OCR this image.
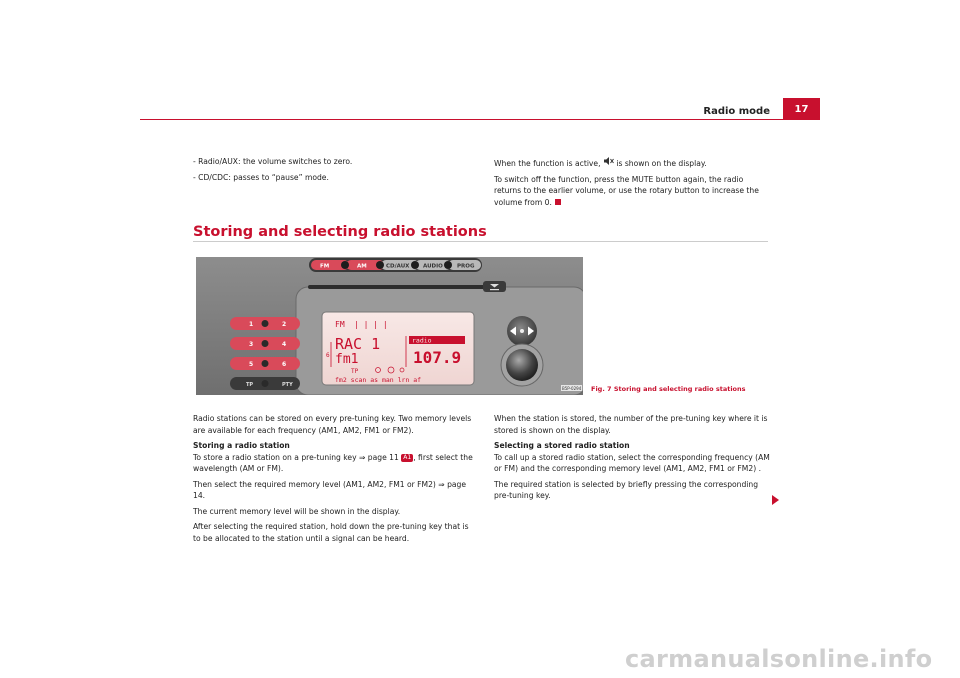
Radio mode	17
- Radio/AUX: the volume switches to zero.
- CD/CDC: passes to “pause” mode.
When the function is active,  is shown on the display.
To switch off the function, press the MUTE button again, the radio returns to the earlier volume, or use the rotary button to increase the volume from 0.
Storing and selecting radio stations
FM	AM	CD/AUX AUDIO	PROG
1	2
3	4
5	6
TP	PTY
FM | | | |
RAC 1
fm1	107.9
6
TP
fm2 scan as man lrn af
radio
B5P-0294 Fig. 7 Storing and selecting radio stations
Radio stations can be stored on every pre-tuning key. Two memory levels are available for each frequency (AM1, AM2, FM1 or FM2).
Storing a radio station
To store a radio station on a pre-tuning key ⇒ page 11 A1 , first select the wavelength (AM or FM).
Then select the required memory level (AM1, AM2, FM1 or FM2) ⇒ page 14.
The current memory level will be shown in the display.
After selecting the required station, hold down the pre-tuning key that is to be allocated to the station until a signal can be heard.
When the station is stored, the number of the pre-tuning key where it is stored is shown on the display.
Selecting a stored radio station
To call up a stored radio station, select the corresponding frequency (AM or FM) and the corresponding memory level (AM1, AM2, FM1 or FM2) .
The required station is selected by briefly pressing the corresponding pre-tuning key.
carmanualsonline.info
